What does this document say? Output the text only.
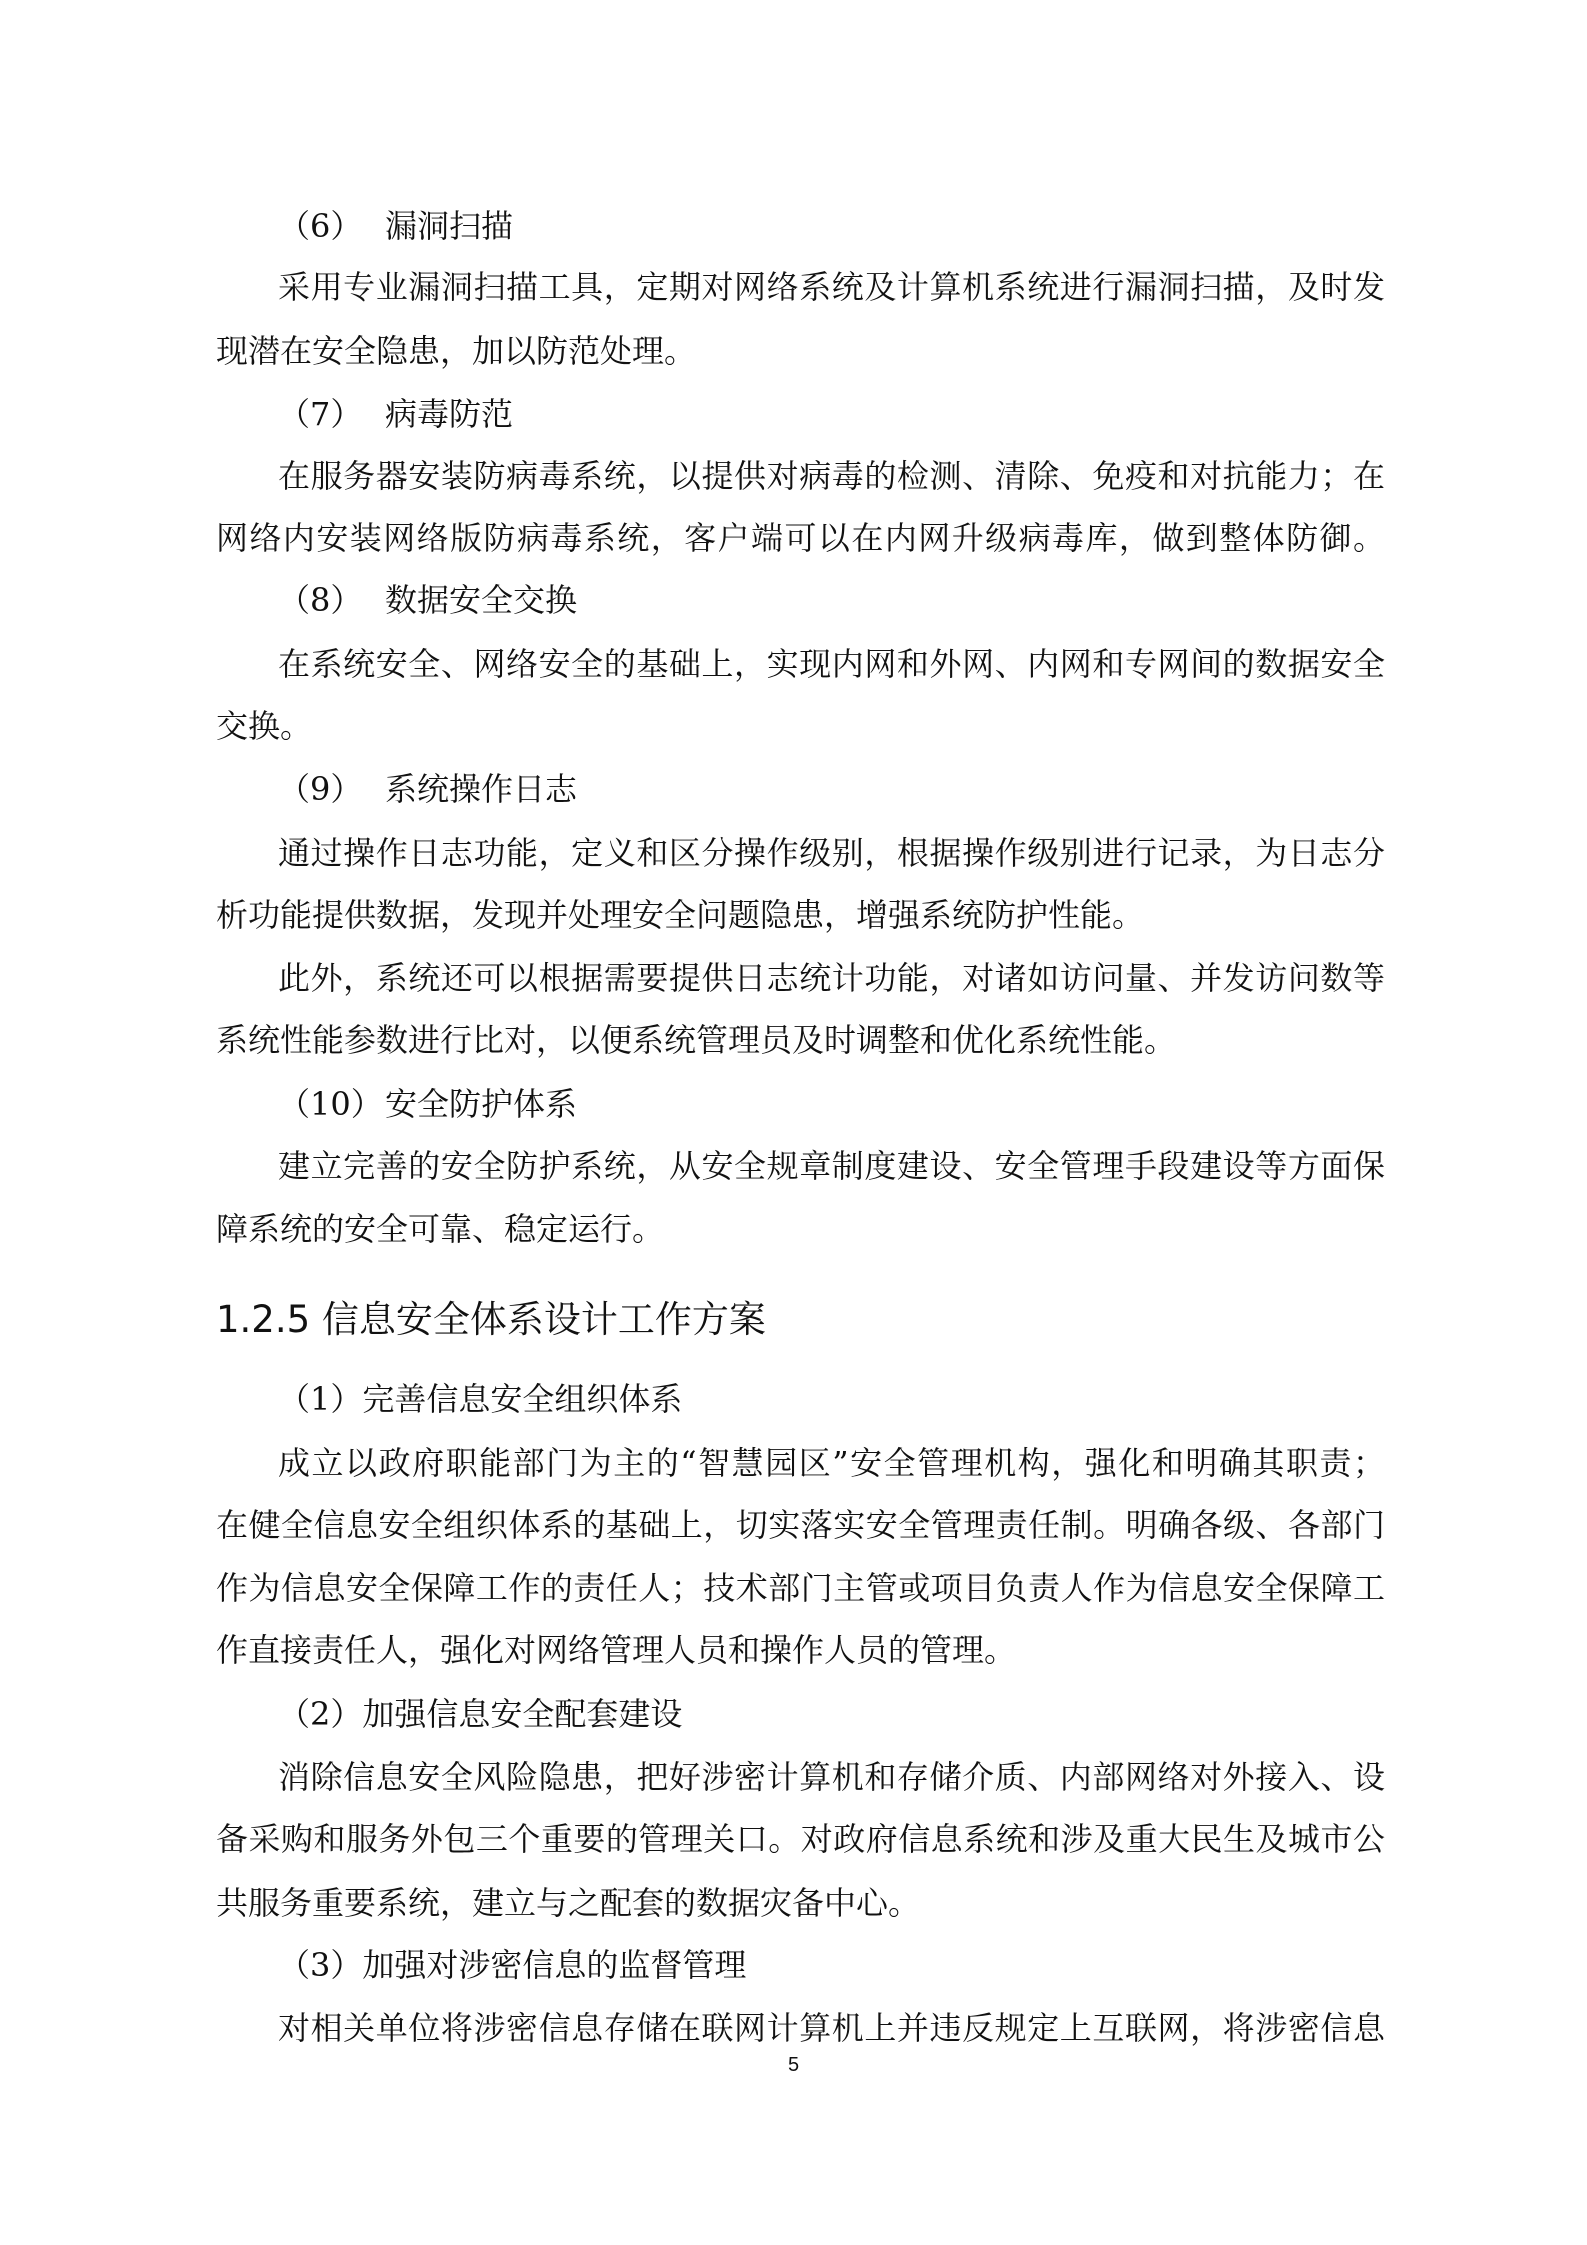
5
（6） 漏洞扫描
采用专业漏洞扫描工具，定期对网络系统及计算机系统进行漏洞扫描，及时发
现潜在安全隐患，加以防范处理。
（7） 病毒防范
在服务器安装防病毒系统，以提供对病毒的检测、清除、免疫和对抗能力；在
网络内安装网络版防病毒系统，客户端可以在内网升级病毒库，做到整体防御。
（8） 数据安全交换
在系统安全、网络安全的基础上，实现内网和外网、内网和专网间的数据安全
交换。
（9） 系统操作日志
通过操作日志功能，定义和区分操作级别，根据操作级别进行记录，为日志分
析功能提供数据，发现并处理安全问题隐患，增强系统防护性能。
此外，系统还可以根据需要提供日志统计功能，对诸如访问量、并发访问数等
系统性能参数进行比对，以便系统管理员及时调整和优化系统性能。
（10） 安全防护体系
建立完善的安全防护系统，从安全规章制度建设、安全管理手段建设等方面保
障系统的安全可靠、稳定运行。
1.2.5 信息安全体系设计工作方案
（1）完善信息安全组织体系
成立以政府职能部门为主的“智慧园区”安全管理机构，强化和明确其职责；
在健全信息安全组织体系的基础上，切实落实安全管理责任制。明确各级、各部门
作为信息安全保障工作的责任人；技术部门主管或项目负责人作为信息安全保障工
作直接责任人，强化对网络管理人员和操作人员的管理。
（2）加强信息安全配套建设
消除信息安全风险隐患，把好涉密计算机和存储介质、内部网络对外接入、设
备采购和服务外包三个重要的管理关口。对政府信息系统和涉及重大民生及城市公
共服务重要系统，建立与之配套的数据灾备中心。
（3）加强对涉密信息的监督管理
对相关单位将涉密信息存储在联网计算机上并违反规定上互联网，将涉密信息
